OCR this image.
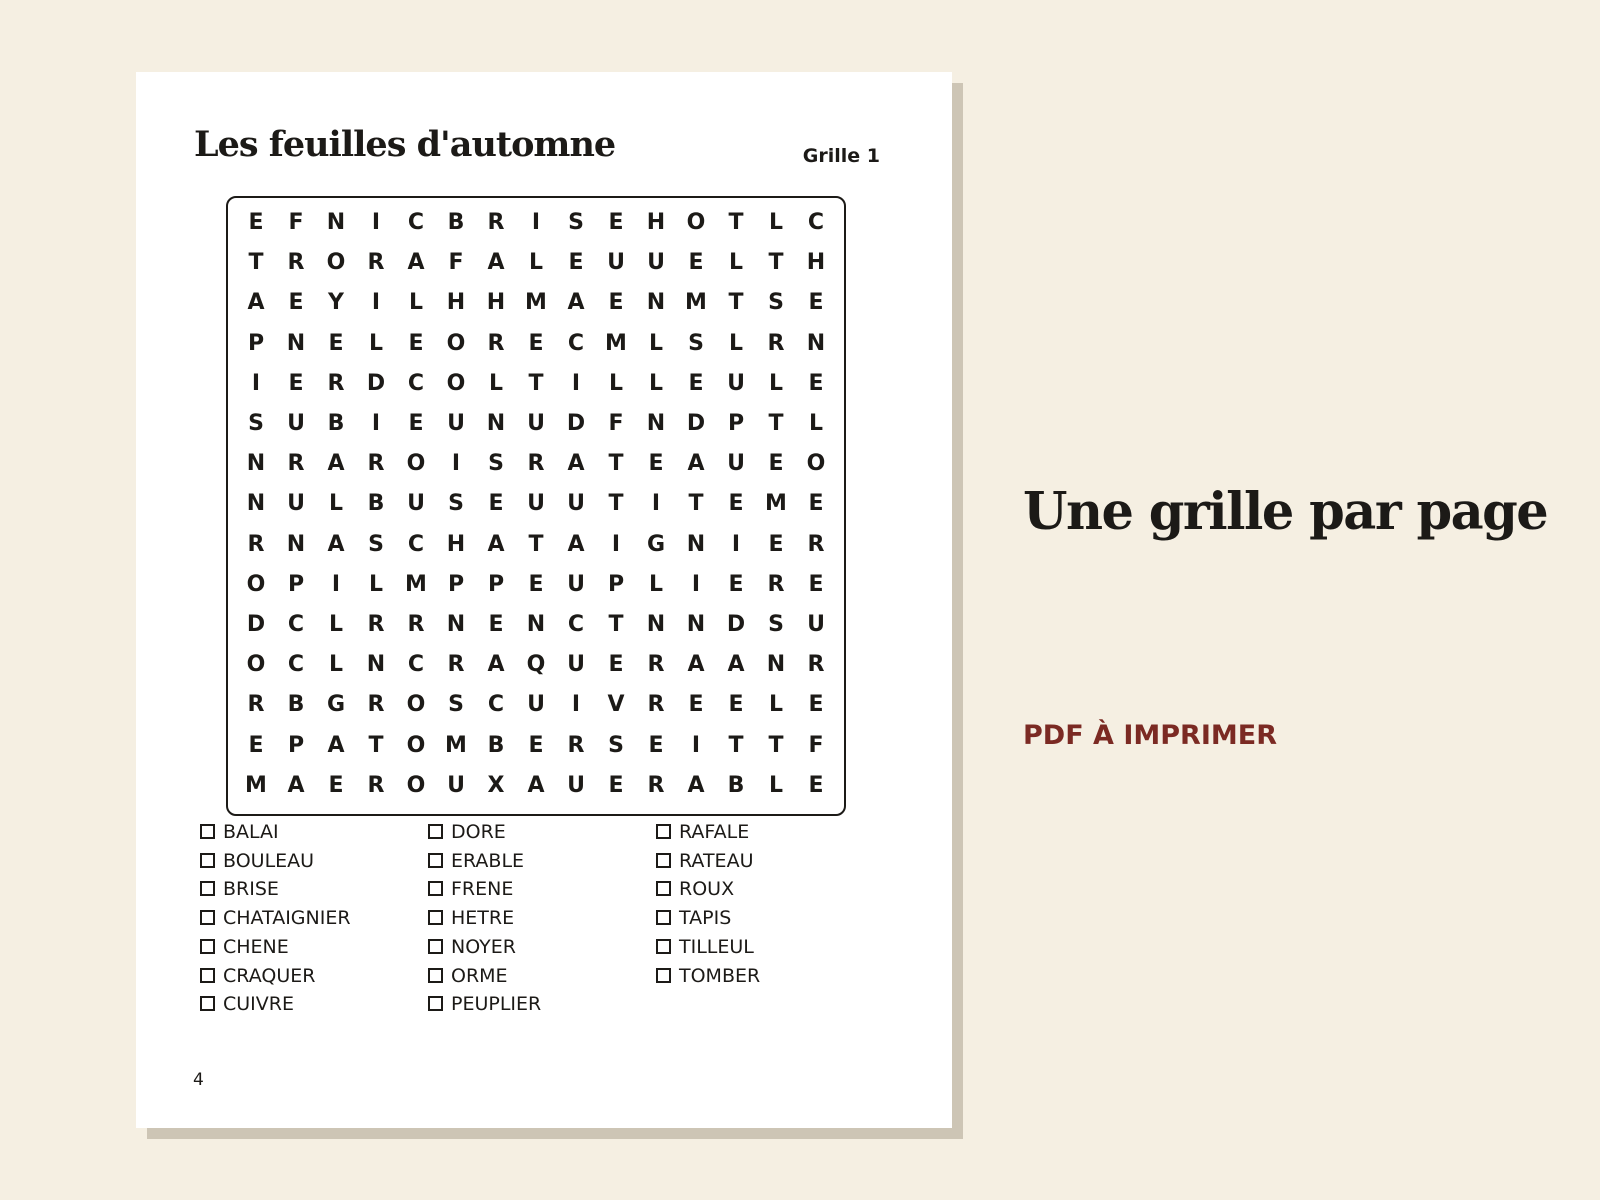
Les feuilles d'automne	Grille 1
E	F	N	I	C	B	R	I	S	E	H O	T	L	C
T	R	O	R	A	F	A	L	E	U	U	E	L	T	H
A	E	Y	I	L	H H M A	E	N M T	S	E
P	N	E	L	E	O	R	E	C M	L	S	L	R	N
I	E	R	D	C	O	L	T	I	L	L	E	U	L	E
S	U	B	I	E	U N U D	F	N D	P	T	L
N	R	A	R	O	I	S	R	A	T	E	A	U	E	O
N U	L	B	U	S	E	U	U	T	I	T	E M E
R	N	A	S	C	H	A	T	A	I	G N	I	E	R
O	P	I	L	M P	P	E	U	P	L	I	E	R	E
D	C	L	R	R	N	E	N	C	T	N N D	S	U
O	C	L	N	C	R	A	Q U	E	R	A	A	N	R
R	B	G	R	O	S	C	U	I	V	R	E	E	L	E
E	P	A	T	O M B	E	R	S	E	I	T	T	F
M A	E	R	O U	X	A	U	E	R	A	B	L	E
BALAI
BOULEAU
BRISE
CHATAIGNIER
CHENE
CRAQUER
CUIVRE
DORE
ERABLE
FRENE
HETRE
NOYER
ORME
PEUPLIER
RAFALE
RATEAU
ROUX
TAPIS
TILLEUL
TOMBER
4
Une grille par page
PDF À IMPRIMER
